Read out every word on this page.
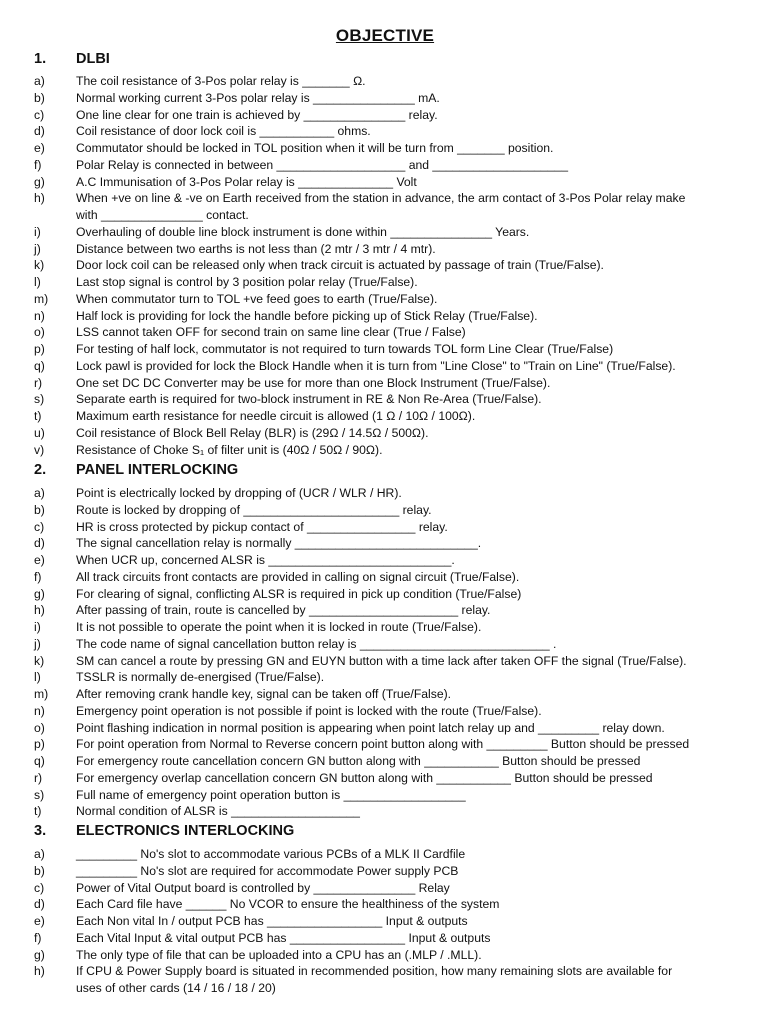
OBJECTIVE
1. DLBI
a)	The coil resistance of 3-Pos polar relay is _______ Ω.
b)	Normal working current 3-Pos polar relay is _______________ mA.
c)	One line clear for one train is achieved by _______________ relay.
d)	Coil resistance of door lock coil is ___________ ohms.
e)	Commutator should be locked in TOL position when it will be turn from _______ position.
f)	Polar Relay is connected in between ___________________ and ____________________
g)	A.C Immunisation of 3-Pos Polar relay is ______________ Volt
h)	When +ve on line & -ve on Earth received from the station in advance, the arm contact of 3-Pos Polar relay make
with _______________ contact.
i)	Overhauling of double line block instrument is done within _______________ Years.
j)	Distance between two earths is not less than (2 mtr / 3 mtr / 4 mtr).
k)	Door lock coil can be released only when track circuit is actuated by passage of train (True/False).
l)	Last stop signal is control by 3 position polar relay (True/False).
m) When commutator turn to TOL +ve feed goes to earth (True/False).
n)	Half lock is providing for lock the handle before picking up of Stick Relay (True/False).
o)	LSS cannot taken OFF for second train on same line clear (True / False)
p)	For testing of half lock, commutator is not required to turn towards TOL form Line Clear (True/False)
q)	Lock pawl is provided for lock the Block Handle when it is turn from "Line Close" to "Train on Line" (True/False).
r)	One set DC DC Converter may be use for more than one Block Instrument (True/False).
s)	Separate earth is required for two-block instrument in RE & Non Re-Area (True/False).
t)	Maximum earth resistance for needle circuit is allowed (1 Ω / 10Ω / 100Ω).
u)	Coil resistance of Block Bell Relay (BLR) is (29Ω / 14.5Ω / 500Ω).
v)	Resistance of Choke S₁ of filter unit is (40Ω / 50Ω / 90Ω).
2. PANEL INTERLOCKING
a)	Point is electrically locked by dropping of (UCR / WLR / HR).
b)	Route is locked by dropping of _______________________ relay.
c)	HR is cross protected by pickup contact of ________________ relay.
d)	The signal cancellation relay is normally ___________________________.
e)	When UCR up, concerned ALSR is ___________________________.
f)	All track circuits front contacts are provided in calling on signal circuit (True/False).
g)	For clearing of signal, conflicting ALSR is required in pick up condition (True/False)
h)	After passing of train, route is cancelled by ______________________ relay.
i)	It is not possible to operate the point when it is locked in route (True/False).
j)	The code name of signal cancellation button relay is ____________________________ .
k)	SM can cancel a route by pressing GN and EUYN button with a time lack after taken OFF the signal (True/False).
l)	TSSLR is normally de-energised (True/False).
m) After removing crank handle key, signal can be taken off (True/False).
n)	Emergency point operation is not possible if point is locked with the route (True/False).
o)	Point flashing indication in normal position is appearing when point latch relay up and _________ relay down.
p)	For point operation from Normal to Reverse concern point button along with _________ Button should be pressed
q)	For emergency route cancellation concern GN button along with ___________ Button should be pressed
r)	For emergency overlap cancellation concern GN button along with ___________ Button should be pressed
s)	Full name of emergency point operation button is __________________
t)	Normal condition of ALSR is ___________________
3. ELECTRONICS INTERLOCKING
a)	_________ No's slot to accommodate various PCBs of a MLK II Cardfile
b)	_________ No's slot are required for accommodate Power supply PCB
c)	Power of Vital Output board is controlled by _______________ Relay
d)	Each Card file have ______ No VCOR to ensure the healthiness of the system
e)	Each Non vital In / output PCB has _________________ Input & outputs
f)	Each Vital Input & vital output PCB has _________________ Input & outputs
g)	The only type of file that can be uploaded into a CPU has an (.MLP / .MLL).
h)	If CPU & Power Supply board is situated in recommended position, how many remaining slots are available for
uses of other cards (14 / 16 / 18 / 20)
